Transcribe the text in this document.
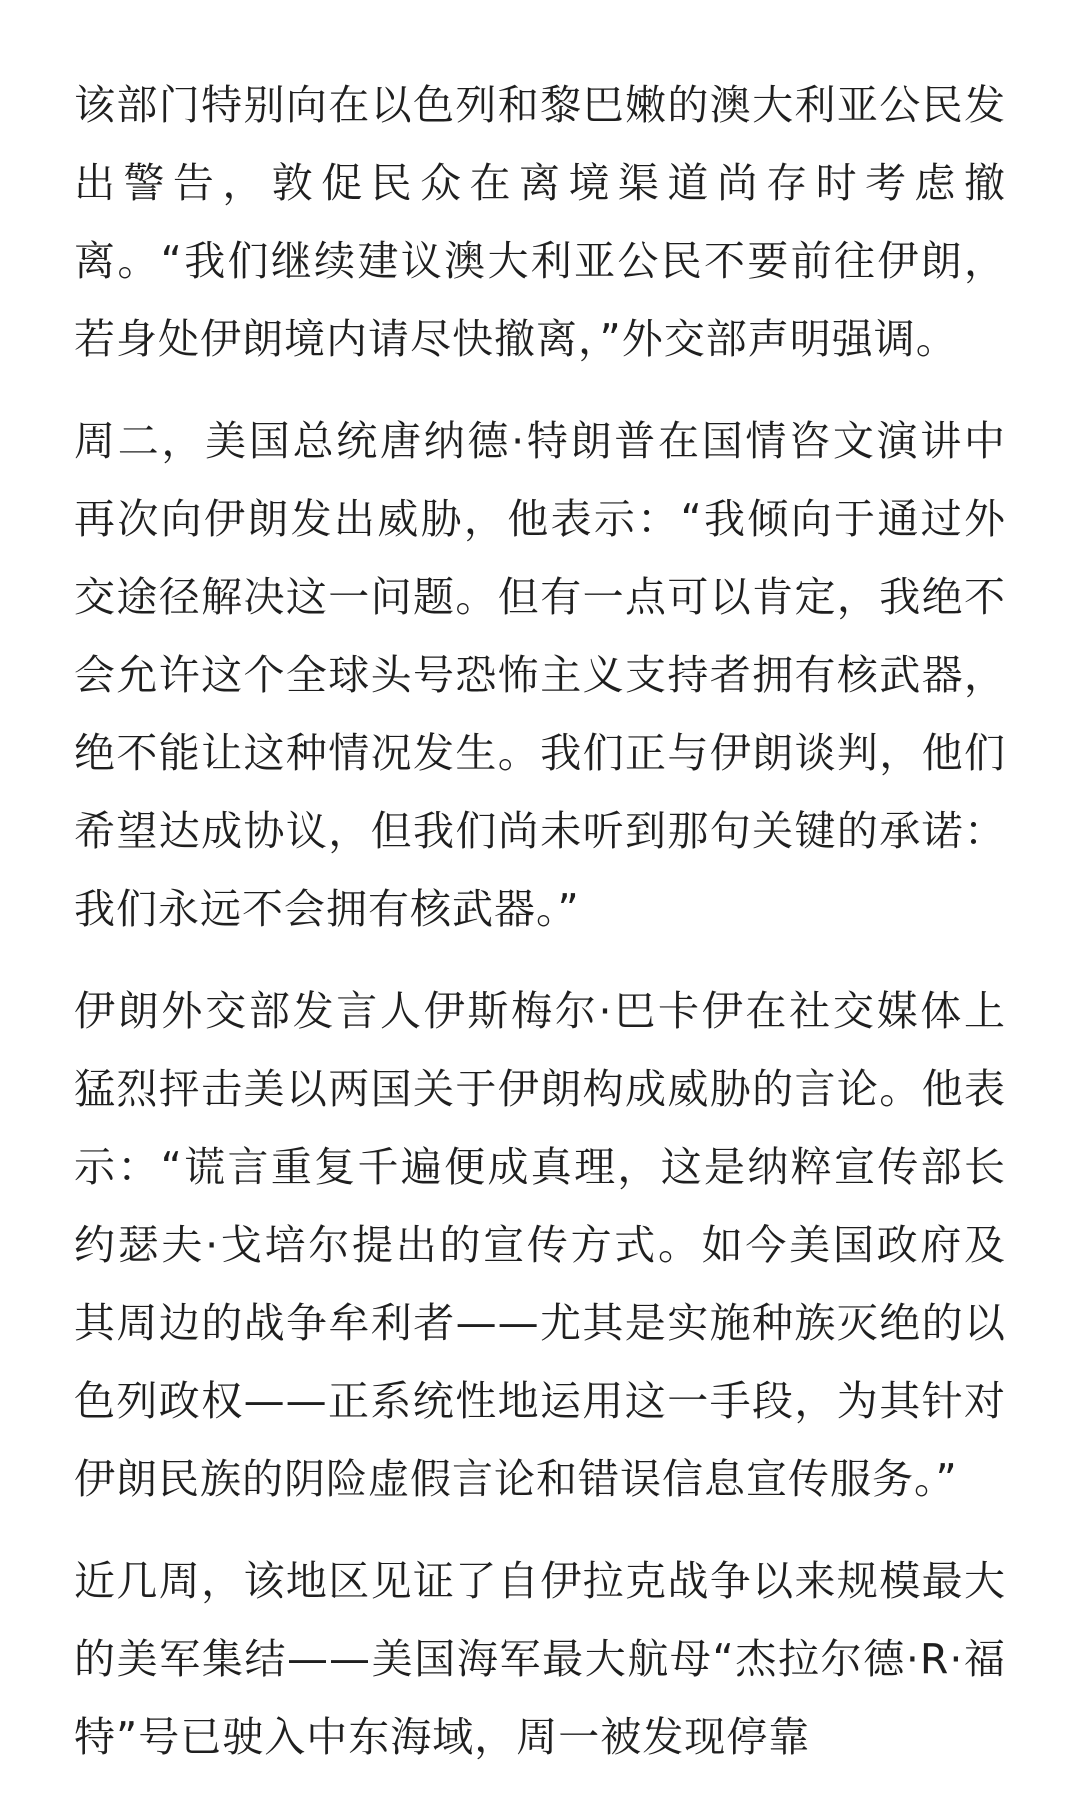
该部门特别向在以色列和黎巴嫩的澳大利亚公民发出警告，敦促民众在离境渠道尚存时考虑撤离。“我们继续建议澳大利亚公民不要前往伊朗，若身处伊朗境内请尽快撤离，”外交部声明强调。

周二，美国总统唐纳德·特朗普在国情咨文演讲中再次向伊朗发出威胁，他表示：“我倾向于通过外交途径解决这一问题。但有一点可以肯定，我绝不会允许这个全球头号恐怖主义支持者拥有核武器，绝不能让这种情况发生。我们正与伊朗谈判，他们希望达成协议，但我们尚未听到那句关键的承诺：我们永远不会拥有核武器。”

伊朗外交部发言人伊斯梅尔·巴卡伊在社交媒体上猛烈抨击美以两国关于伊朗构成威胁的言论。他表示：“谎言重复千遍便成真理，这是纳粹宣传部长约瑟夫·戈培尔提出的宣传方式。如今美国政府及其周边的战争牟利者——尤其是实施种族灭绝的以色列政权——正系统性地运用这一手段，为其针对伊朗民族的阴险虚假言论和错误信息宣传服务。”

近几周，该地区见证了自伊拉克战争以来规模最大的美军集结——美国海军最大航母“杰拉尔德·R·福特”号已驶入中东海域，周一被发现停靠
